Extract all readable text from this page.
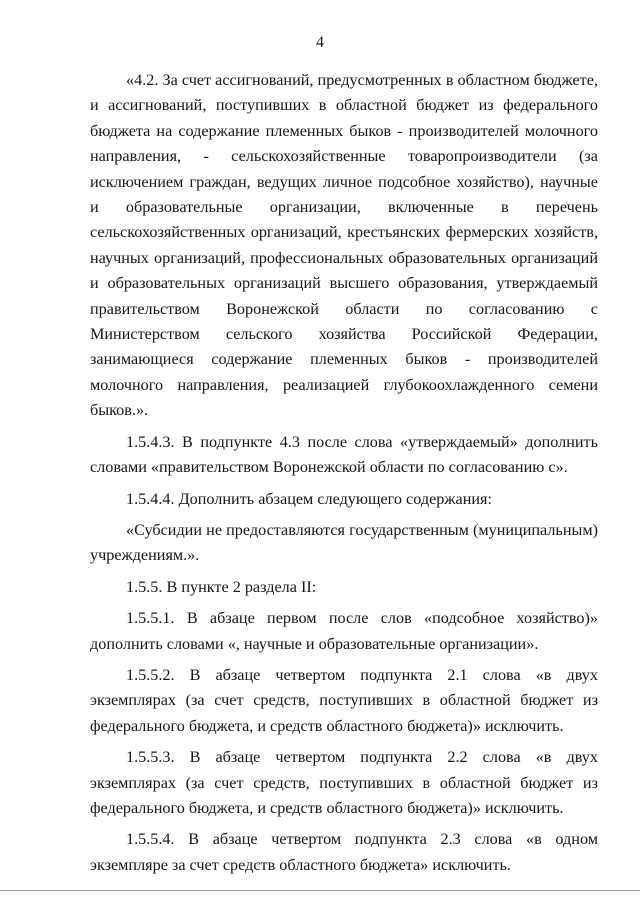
4

«4.2. За счет ассигнований, предусмотренных в областном бюджете, и ассигнований, поступивших в областной бюджет из федерального бюджета на содержание племенных быков - производителей молочного направления, - сельскохозяйственные товаропроизводители (за исключением граждан, ведущих личное подсобное хозяйство), научные и образовательные организации, включенные в перечень сельскохозяйственных организаций, крестьянских фермерских хозяйств, научных организаций, профессиональных образовательных организаций и образовательных организаций высшего образования, утверждаемый правительством Воронежской области по согласованию с Министерством сельского хозяйства Российской Федерации, занимающиеся содержание племенных быков - производителей молочного направления, реализацией глубокоохлажденного семени быков.».

1.5.4.3. В подпункте 4.3 после слова «утверждаемый» дополнить словами «правительством Воронежской области по согласованию с».

1.5.4.4. Дополнить абзацем следующего содержания:

«Субсидии не предоставляются государственным (муниципальным) учреждениям.».

1.5.5. В пункте 2 раздела II:

1.5.5.1. В абзаце первом после слов «подсобное хозяйство)» дополнить словами «, научные и образовательные организации».

1.5.5.2. В абзаце четвертом подпункта 2.1 слова «в двух экземплярах (за счет средств, поступивших в областной бюджет из федерального бюджета, и средств областного бюджета)» исключить.

1.5.5.3. В абзаце четвертом подпункта 2.2 слова «в двух экземплярах (за счет средств, поступивших в областной бюджет из федерального бюджета, и средств областного бюджета)» исключить.

1.5.5.4. В абзаце четвертом подпункта 2.3 слова «в одном экземпляре за счет средств областного бюджета» исключить.
